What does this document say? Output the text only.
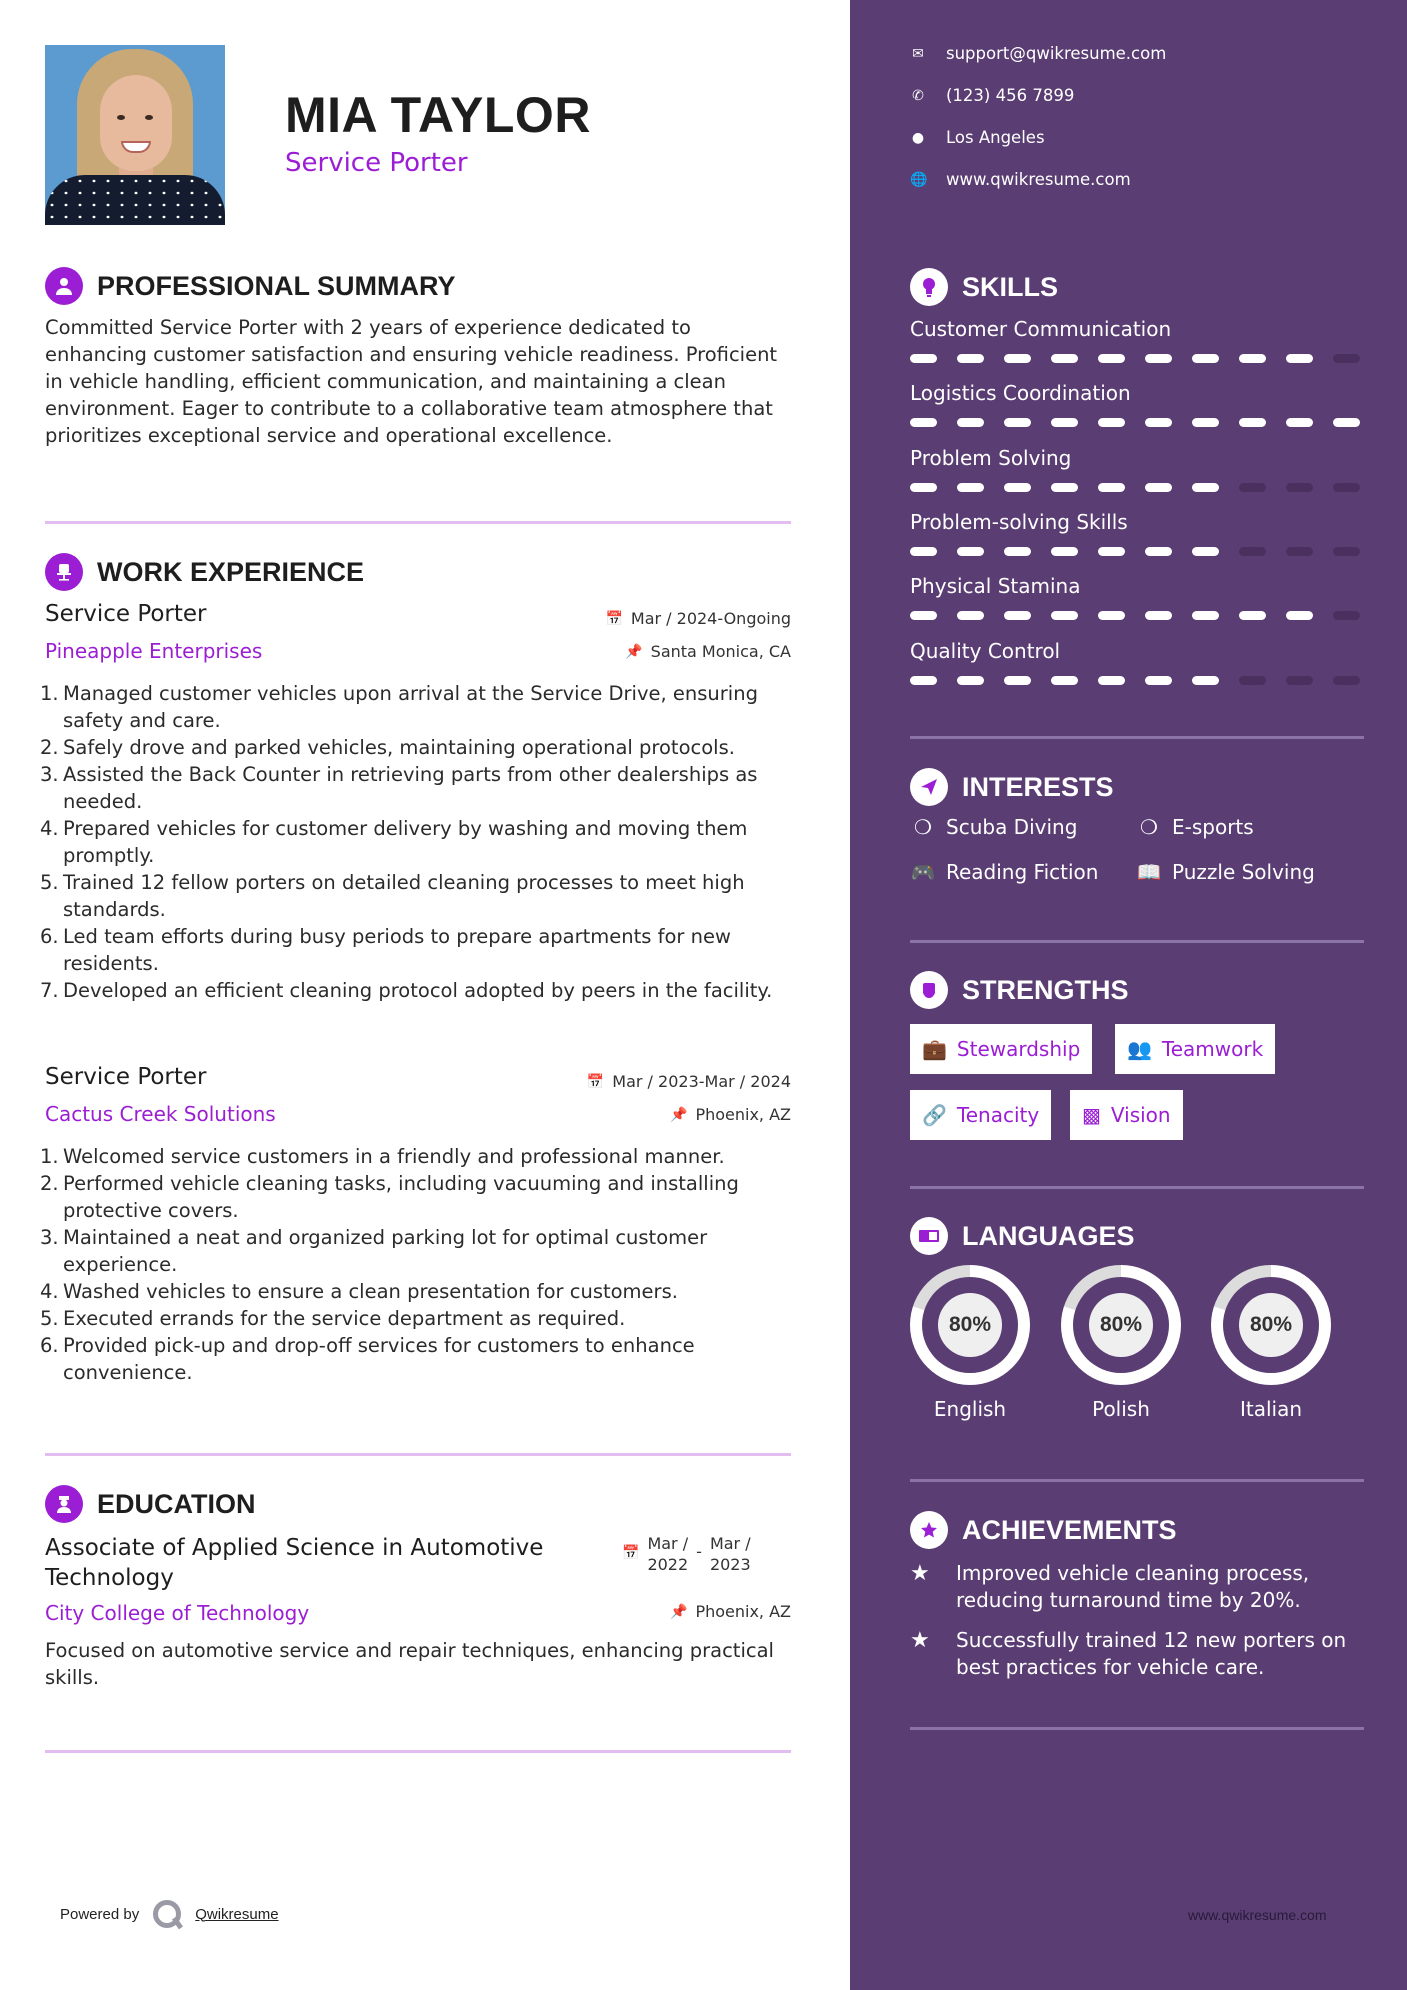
MIA TAYLOR
Service Porter
PROFESSIONAL SUMMARY
Committed Service Porter with 2 years of experience dedicated to enhancing customer satisfaction and ensuring vehicle readiness. Proficient in vehicle handling, efficient communication, and maintaining a clean environment. Eager to contribute to a collaborative team atmosphere that prioritizes exceptional service and operational excellence.
WORK EXPERIENCE
Service Porter	📅 Mar / 2024-Ongoing
Pineapple Enterprises	📌 Santa Monica, CA
1. Managed customer vehicles upon arrival at the Service Drive, ensuring safety and care.
2. Safely drove and parked vehicles, maintaining operational protocols.
3. Assisted the Back Counter in retrieving parts from other dealerships as needed.
4. Prepared vehicles for customer delivery by washing and moving them promptly.
5. Trained 12 fellow porters on detailed cleaning processes to meet high standards.
6. Led team efforts during busy periods to prepare apartments for new residents.
7. Developed an efficient cleaning protocol adopted by peers in the facility.
Service Porter	📅 Mar / 2023-Mar / 2024
Cactus Creek Solutions	📌 Phoenix, AZ
1. Welcomed service customers in a friendly and professional manner.
2. Performed vehicle cleaning tasks, including vacuuming and installing protective covers.
3. Maintained a neat and organized parking lot for optimal customer experience.
4. Washed vehicles to ensure a clean presentation for customers.
5. Executed errands for the service department as required.
6. Provided pick-up and drop-off services for customers to enhance convenience.
EDUCATION
Associate of Applied Science in Automotive
Technology
📅 Mar /
2022
- Mar /
2023
City College of Technology	📌 Phoenix, AZ
Focused on automotive service and repair techniques, enhancing practical skills.
Powered by	Qwikresume
✉ support@qwikresume.com
✆ (123) 456 7899
● Los Angeles
🌐 www.qwikresume.com
SKILLS
Customer Communication
Logistics Coordination
Problem Solving
Problem-solving Skills
Physical Stamina
Quality Control
INTERESTS
❍ Scuba Diving	❍ E-sports
🎮 Reading Fiction 📖 Puzzle Solving
STRENGTHS
💼 Stewardship 👥 Teamwork
🔗 Tenacity ▩ Vision
LANGUAGES
80%
English
80%
Polish
80%
Italian
ACHIEVEMENTS
★	Improved vehicle cleaning process, reducing turnaround time by 20%.
★	Successfully trained 12 new porters on best practices for vehicle care.
www.qwikresume.com
